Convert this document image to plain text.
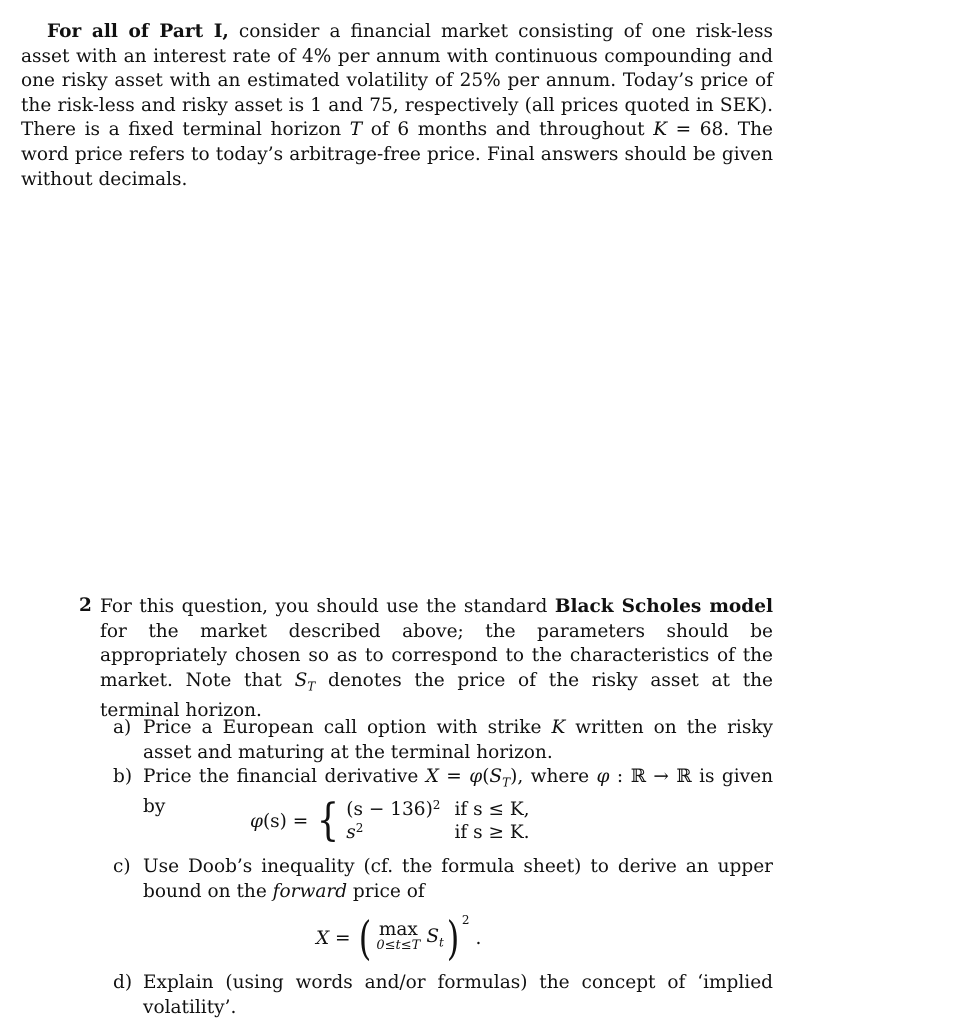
For all of Part I, consider a financial market consisting of one risk-less asset with an interest rate of 4% per annum with continuous compounding and one risky asset with an estimated volatility of 25% per annum. Today’s price of the risk-less and risky asset is 1 and 75, respectively (all prices quoted in SEK). There is a fixed terminal horizon T of 6 months and throughout K = 68. The word price refers to today’s arbitrage-free price. Final answers should be given without decimals.
2 For this question, you should use the standard Black Scholes model for the market described above; the parameters should be appropriately chosen so as to correspond to the characteristics of the market. Note that $S_T$ denotes the price of the risky asset at the terminal horizon.
a) Price a European call option with strike K written on the risky asset and maturing at the terminal horizon.
b) Price the financial derivative $X = \varphi(S_T)$, where φ : ℝ → ℝ is given by
φ (s) = { $(s - 136)^2$ if s ≤ K,
$s^2$	if s ≥ K.
c) Use Doob’s inequality (cf. the formula sheet) to derive an upper bound on the forward price of
X = ( max
0≤t≤T $S_t$ )$^2$
.
d) Explain (using words and/or formulas) the concept of ‘implied volatility’.
